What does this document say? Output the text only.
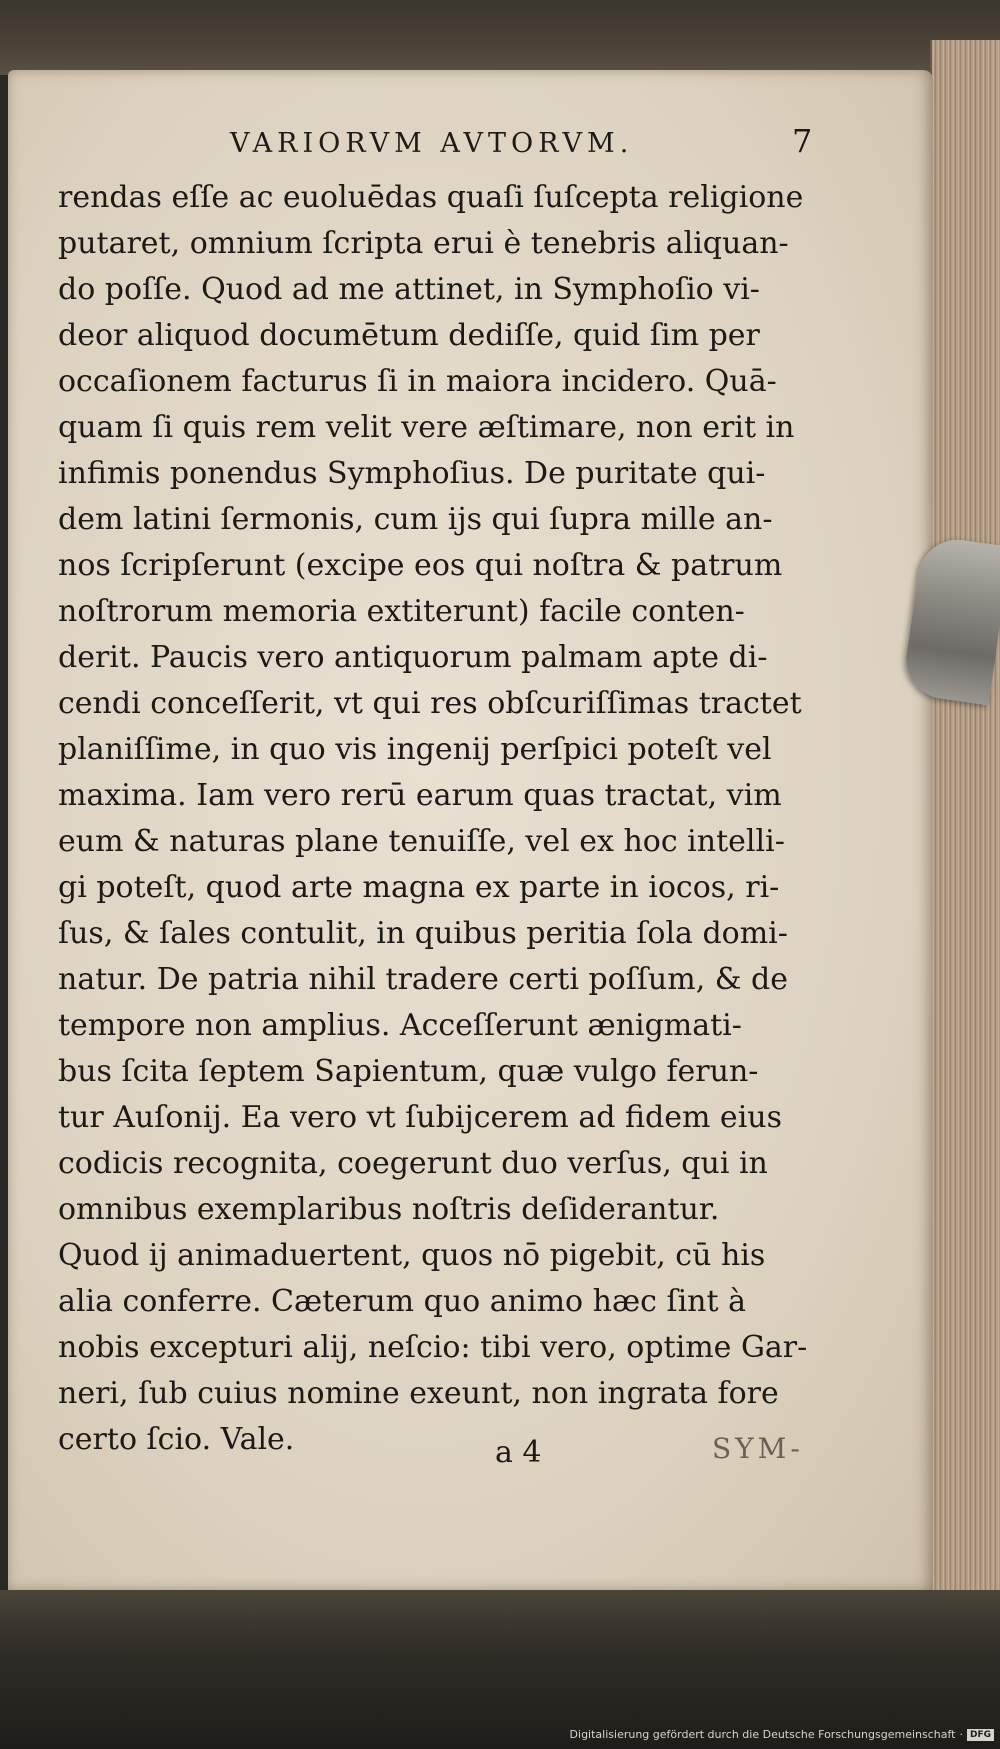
VARIORVM AVTORVM.	7
rendas eſſe ac euoluēdas quaſi ſuſcepta religione
putaret, omnium ſcripta erui è tenebris aliquan-
do poſſe. Quod ad me attinet, in Symphoſio vi-
deor aliquod documētum dediſſe, quid ſim per
occaſionem facturus ſi in maiora incidero. Quā-
quam ſi quis rem velit vere æſtimare, non erit in
infimis ponendus Symphoſius. De puritate qui-
dem latini ſermonis, cum ijs qui ſupra mille an-
nos ſcripſerunt (excipe eos qui noſtra & patrum
noſtrorum memoria extiterunt) facile conten-
derit. Paucis vero antiquorum palmam apte di-
cendi conceſſerit, vt qui res obſcuriſſimas tractet
planiſſime, in quo vis ingenij perſpici poteſt vel
maxima. Iam vero rerū earum quas tractat, vim
eum & naturas plane tenuiſſe, vel ex hoc intelli-
gi poteſt, quod arte magna ex parte in iocos, ri-
ſus, & ſales contulit, in quibus peritia ſola domi-
natur. De patria nihil tradere certi poſſum, & de
tempore non amplius. Acceſſerunt ænigmati-
bus ſcita ſeptem Sapientum, quæ vulgo ferun-
tur Auſonij. Ea vero vt ſubijcerem ad fidem eius
codicis recognita, coegerunt duo verſus, qui in
omnibus exemplaribus noſtris deſiderantur.
Quod ij animaduertent, quos nō pigebit, cū his
alia conferre. Cæterum quo animo hæc ſint à
nobis excepturi alij, neſcio: tibi vero, optime Gar-
neri, ſub cuius nomine exeunt, non ingrata fore
certo ſcio. Vale.	a 4	SYM-
Digitalisierung gefördert durch die Deutsche Forschungsgemeinschaft · DFG
